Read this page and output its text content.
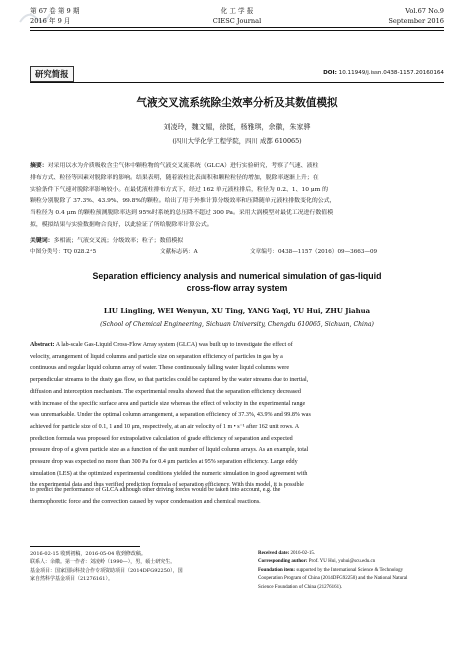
第 67 卷 第 9 期
2016 年 9 月
化 工 学 报
CIESC Journal
Vol.67 No.9
September 2016
研究简报	DOI: 10.11949/j.issn.0438-1157.20160164
气液交叉流系统除尘效率分析及其数值模拟
刘凌玲，魏文韫，徐挺，杨雅琪，余徽，朱家骅
(四川大学化学工程学院，四川 成都 610065)
摘要：对采用以水为介质吸收含尘气体中颗粒物的气液交叉流系统（GLCA）进行实验研究，考察了气速、液柱
排布方式、粒径等因素对脱除率的影响。结果表明，随着液柱比表面积和颗粒粒径的增加，脱除率逐渐上升；在
实验条件下气速对脱除率影响较小。在最优液柱排布方式下，经过 162 单元液柱排后，粒径为 0.2、1、10 μm 的
颗粒分别脱除了 37.3%、43.9%、99.8%的颗粒。给出了用于外推计算分级效率和压降随单元液柱排数变化的公式，
当粒径为 0.4 μm 的颗粒预测脱除率达到 95%时系统的总压降不超过 300 Pa。采用大涡模型对最优工况进行数值模
拟，模拟结果与实验数据吻合良好，以此验证了所给脱除率计算公式。
关键词：多相流；气液交叉流；分级效率；粒子；数值模拟
中图分类号：TQ 028.2⁺5	文献标志码：A	文章编号：0438—1157（2016）09—3663—09
Separation efficiency analysis and numerical simulation of gas-liquid
cross-flow array system
LIU Lingling, WEI Wenyun, XU Ting, YANG Yaqi, YU Hui, ZHU Jiahua
(School of Chemical Engineering, Sichuan University, Chengdu 610065, Sichuan, China)
Abstract: A lab-scale Gas-Liquid Cross-Flow Array system (GLCA) was built up to investigate the effect of
velocity, arrangement of liquid columns and particle size on separation efficiency of particles in gas by a
continuous and regular liquid column array of water. These continuously falling water liquid columns were
perpendicular streams to the dusty gas flow, so that particles could be captured by the water streams due to inertial,
diffusion and interception mechanism. The experimental results showed that the separation efficiency decreased
with increase of the specific surface area and particle size whereas the effect of velocity in the experimental range
was unremarkable. Under the optimal column arrangement, a separation efficiency of 37.3%, 43.9% and 99.8% was
achieved for particle size of 0.1, 1 and 10 μm, respectively, at an air velocity of 1 m • s⁻¹ after 162 unit rows. A
prediction formula was proposed for extrapolative calculation of grade efficiency of separation and expected
pressure drop of a given particle size as a function of the unit number of liquid column arrays. As an example, total
pressure drop was expected no more than 300 Pa for 0.4 μm particles at 95% separation efficiency. Large eddy
simulation (LES) at the optimized experimental conditions yielded the numeric simulation in good agreement with
the experimental data and thus verified prediction formula of separation efficiency. With this model, it is possible
to predict the performance of GLCA although other driving forces would be taken into account, e.g. the
thermophoretic force and the convection caused by vapor condensation and chemical reactions.
2016-02-15 收到初稿，2016-05-04 收到修改稿。
联系人：余徽。第一作者：刘凌岭（1990—），男，硕士研究生。
基金项目：国家国际科技合作专项资助项目（2014DFG92250），国
家自然科学基金项目（21276161）。
Received date: 2016-02-15.
Corresponding author: Prof. YU Hui, yuhui@scu.edu.cn
Foundation item: supported by the International Science & Technology
Cooperation Program of China (2014DFG92250) and the National Natural
Science Foundation of China (21276161).
